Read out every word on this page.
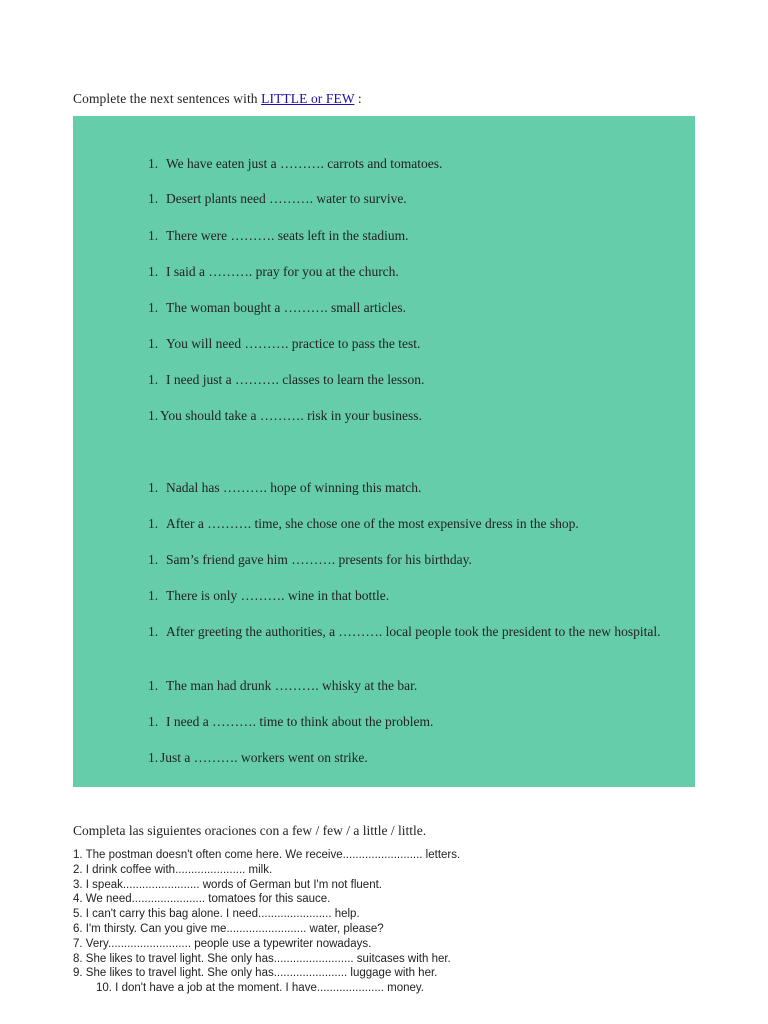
Complete the next sentences with LITTLE or FEW :
1. We have eaten just a ………. carrots and tomatoes.
1. Desert plants need ………. water to survive.
1. There were ………. seats left in the stadium.
1. I said a ………. pray for you at the church.
1. The woman bought a ………. small articles.
1. You will need ………. practice to pass the test.
1. I need just a ………. classes to learn the lesson.
1. You should take a ………. risk in your business.
1. Nadal has ………. hope of winning this match.
1. After a ………. time, she chose one of the most expensive dress in the shop.
1. Sam’s friend gave him ………. presents for his birthday.
1. There is only ………. wine in that bottle.
1. After greeting the authorities, a ………. local people took the president to the new hospital.
1. The man had drunk ………. whisky at the bar.
1. I need a ………. time to think about the problem.
1. Just a ………. workers went on strike.
Completa las siguientes oraciones con a few / few / a little / little.
1. The postman doesn't often come here. We receive......................... letters.
2. I drink coffee with...................... milk.
3. I speak........................ words of German but I'm not fluent.
4. We need....................... tomatoes for this sauce.
5. I can't carry this bag alone. I need....................... help.
6. I'm thirsty. Can you give me......................... water, please?
7. Very.......................... people use a typewriter nowadays.
8. She likes to travel light. She only has......................... suitcases with her.
9. She likes to travel light. She only has....................... luggage with her.
10. I don't have a job at the moment. I have..................... money.
